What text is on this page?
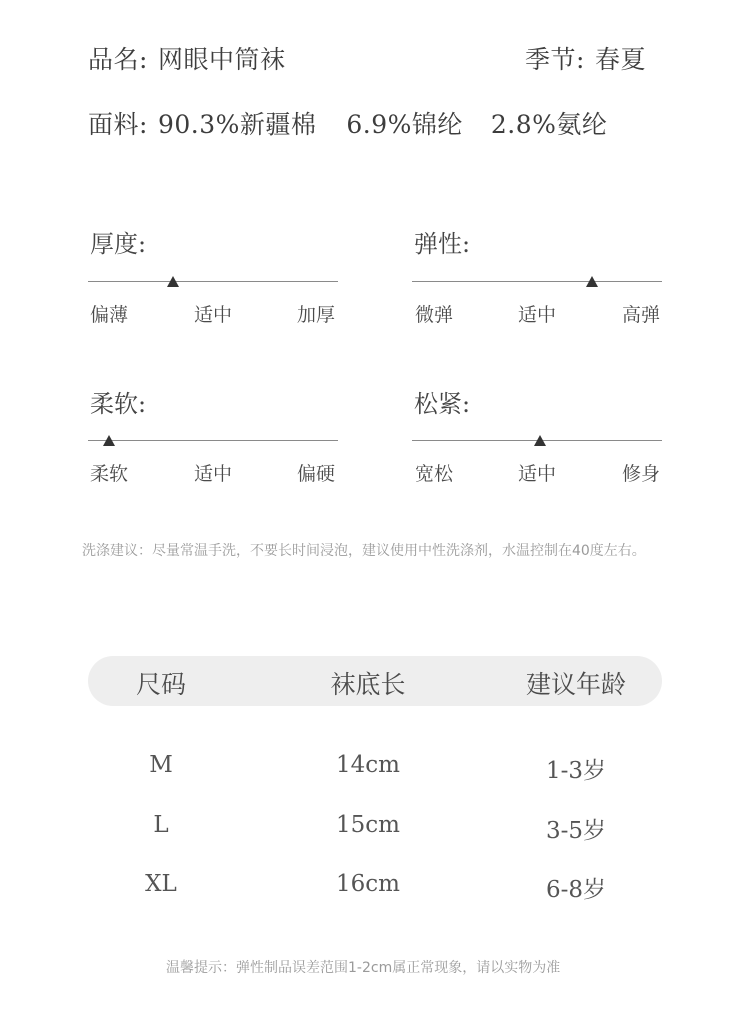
品名: 网眼中筒袜	季节: 春夏
面料: 90.3%新疆棉 6.9%锦纶 2.8%氨纶
厚度:
偏薄	适中	加厚
弹性:
微弹	适中	高弹
柔软:
柔软	适中	偏硬
松紧:
宽松	适中	修身
洗涤建议：尽量常温手洗，不要长时间浸泡，建议使用中性洗涤剂，水温控制在40度左右。
尺码	袜底长	建议年龄
M	14cm	1-3岁
L	15cm	3-5岁
XL	16cm	6-8岁
温馨提示：弹性制品误差范围1-2cm属正常现象，请以实物为准
